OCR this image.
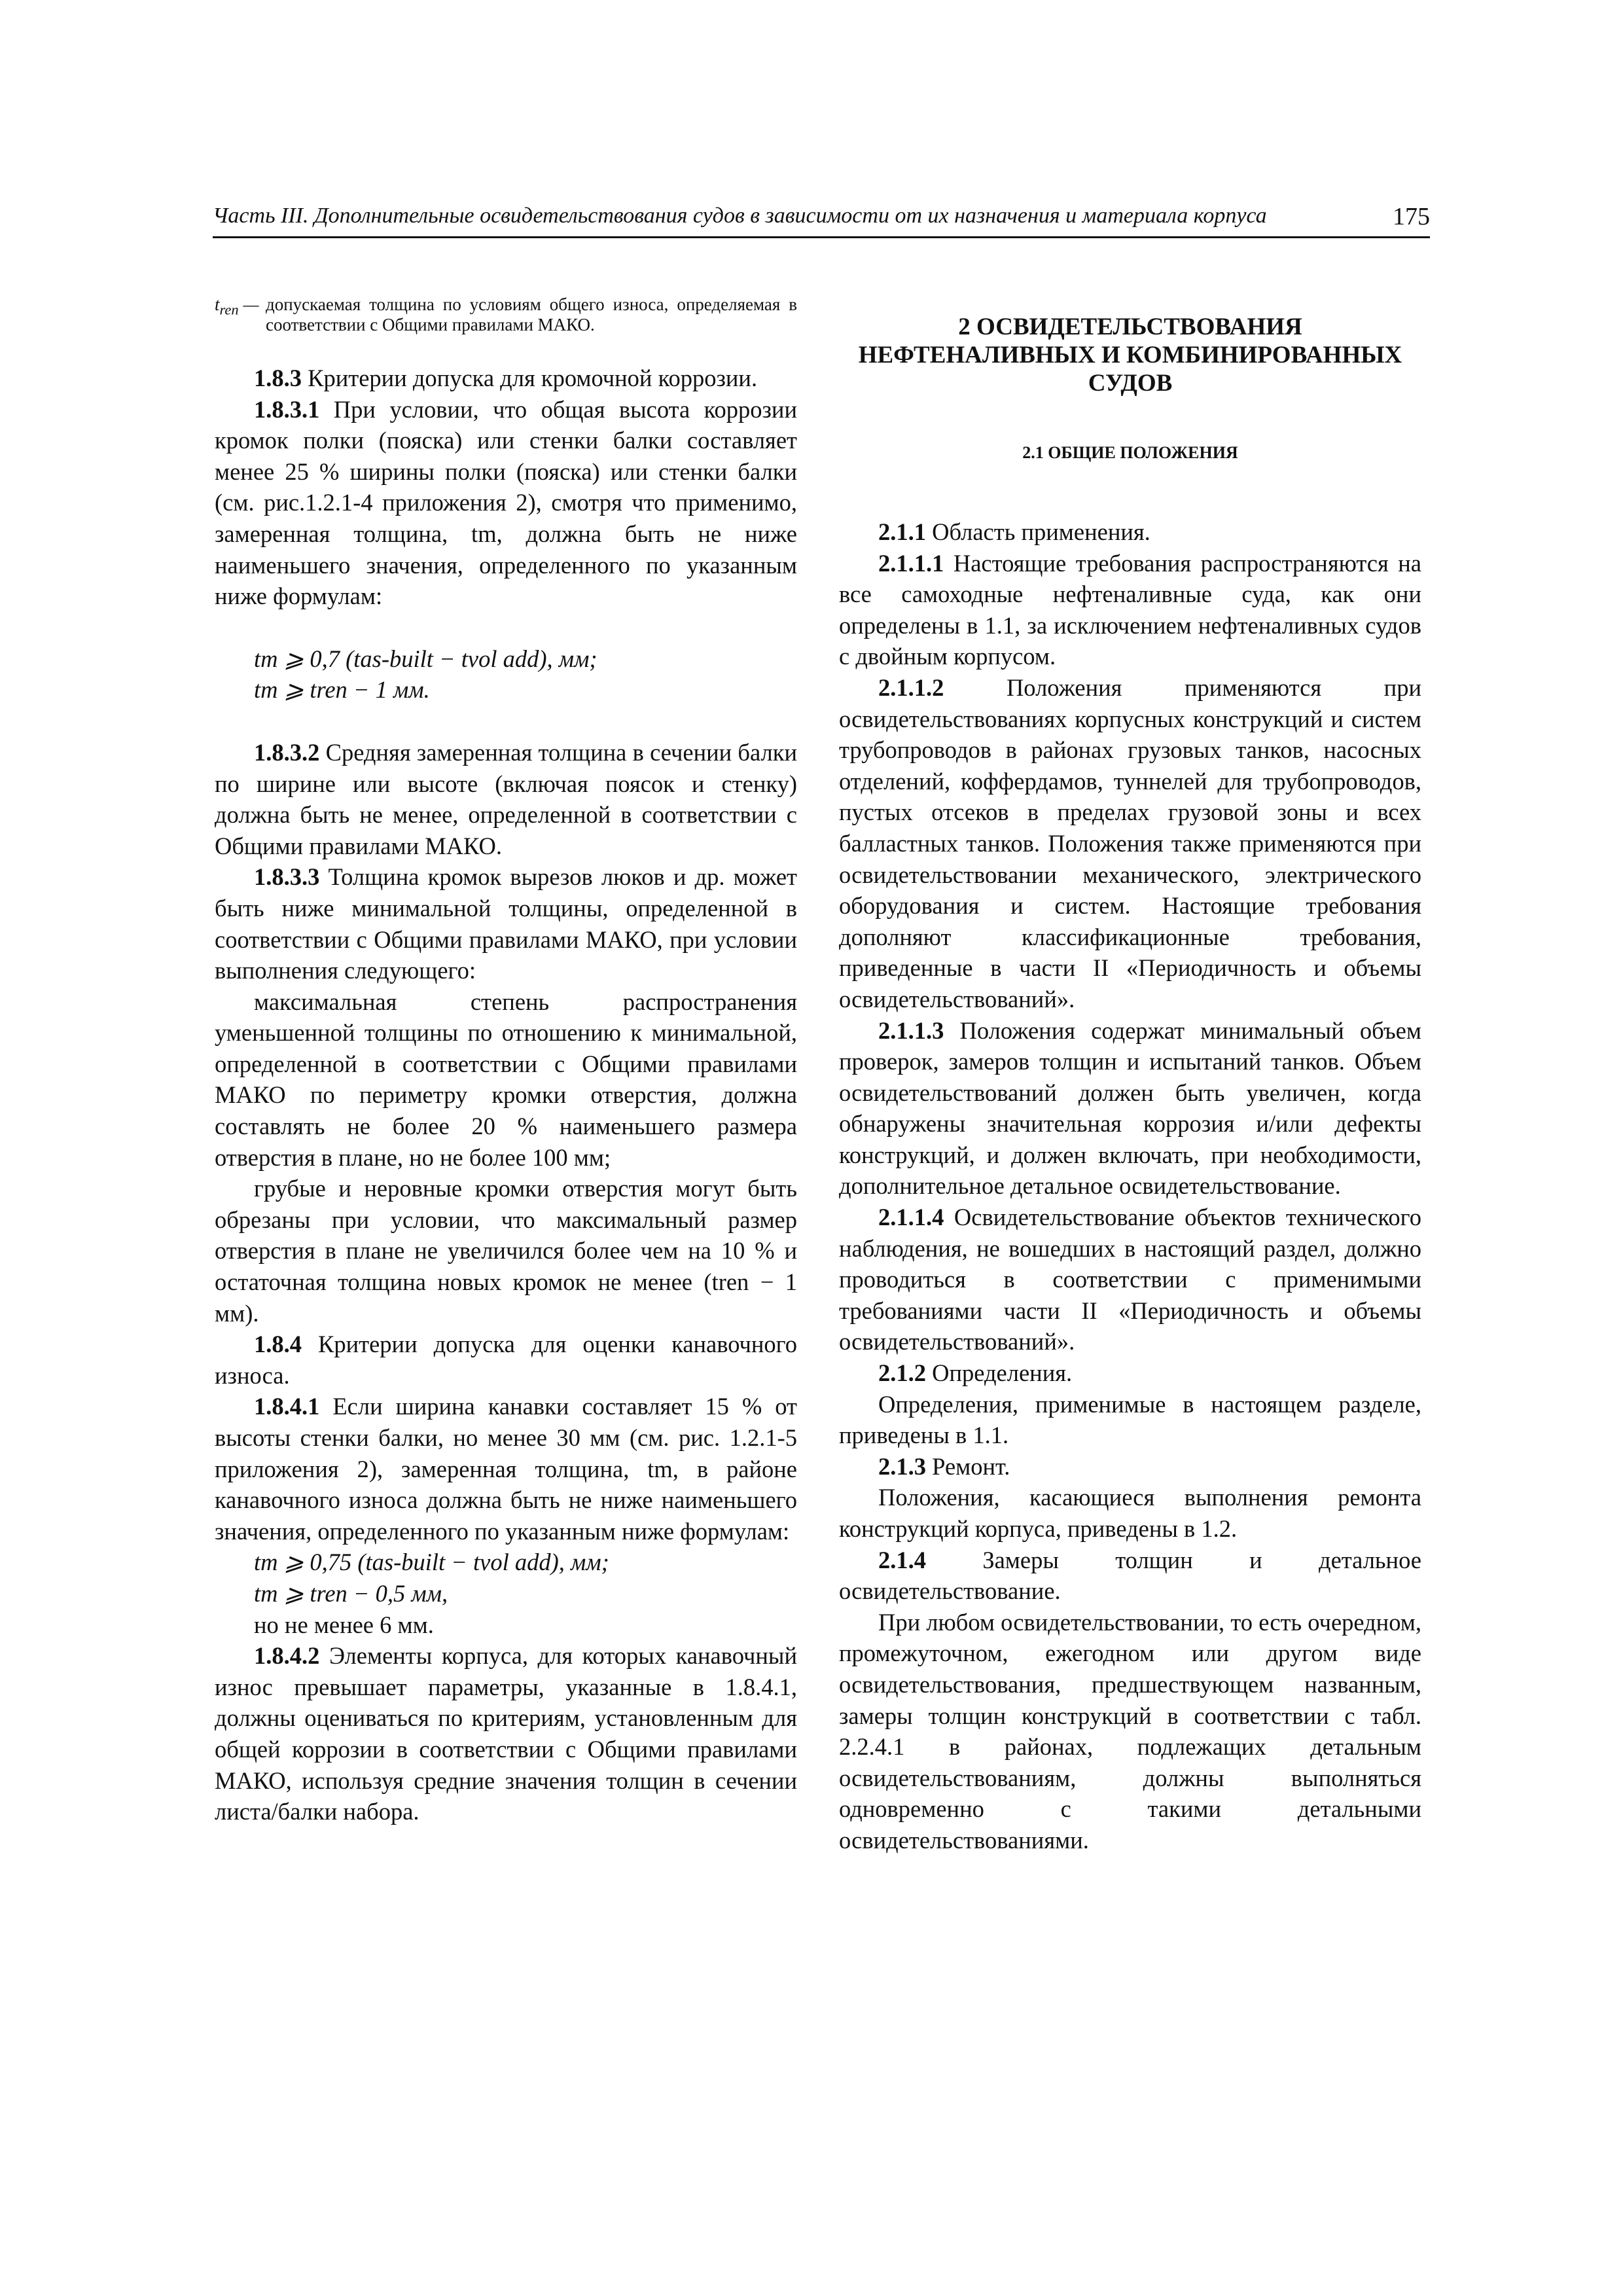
Часть III. Дополнительные освидетельствования судов в зависимости от их назначения и материала корпуса	175
$t_{ren}$ — допускаемая толщина по условиям общего износа, определяемая в соответствии с Общими правилами МАКО.

1.8.3 Критерии допуска для кромочной коррозии.

1.8.3.1 При условии, что общая высота коррозии кромок полки (пояска) или стенки балки составляет менее 25 % ширины полки (пояска) или стенки балки (см. рис.1.2.1-4 приложения 2), смотря что применимо, замеренная толщина, tm, должна быть не ниже наименьшего значения, определенного по указанным ниже формулам:

tm ⩾ 0,7 (tas-built − tvol add), мм;
tm ⩾ tren − 1 мм.

1.8.3.2 Средняя замеренная толщина в сечении балки по ширине или высоте (включая поясок и стенку) должна быть не менее, определенной в соответствии с Общими правилами МАКО.

1.8.3.3 Толщина кромок вырезов люков и др. может быть ниже минимальной толщины, определенной в соответствии с Общими правилами МАКО, при условии выполнения следующего:

максимальная степень распространения уменьшенной толщины по отношению к минимальной, определенной в соответствии с Общими правилами МАКО по периметру кромки отверстия, должна составлять не более 20 % наименьшего размера отверстия в плане, но не более 100 мм;

грубые и неровные кромки отверстия могут быть обрезаны при условии, что максимальный размер отверстия в плане не увеличился более чем на 10 % и остаточная толщина новых кромок не менее (tren − 1 мм).

1.8.4 Критерии допуска для оценки канавочного износа.

1.8.4.1 Если ширина канавки составляет 15 % от высоты стенки балки, но менее 30 мм (см. рис. 1.2.1-5 приложения 2), замеренная толщина, tm, в районе канавочного износа должна быть не ниже наименьшего значения, определенного по указанным ниже формулам:

tm ⩾ 0,75 (tas-built − tvol add), мм;
tm ⩾ tren − 0,5 мм,
но не менее 6 мм.

1.8.4.2 Элементы корпуса, для которых канавочный износ превышает параметры, указанные в 1.8.4.1, должны оцениваться по критериям, установленным для общей коррозии в соответствии с Общими правилами МАКО, используя средние значения толщин в сечении листа/балки набора.

2 ОСВИДЕТЕЛЬСТВОВАНИЯ НЕФТЕНАЛИВНЫХ И КОМБИНИРОВАННЫХ СУДОВ
2.1 ОБЩИЕ ПОЛОЖЕНИЯ

2.1.1 Область применения.

2.1.1.1 Настоящие требования распространяются на все самоходные нефтеналивные суда, как они определены в 1.1, за исключением нефтеналивных судов с двойным корпусом.

2.1.1.2 Положения применяются при освидетельствованиях корпусных конструкций и систем трубопроводов в районах грузовых танков, насосных отделений, коффердамов, туннелей для трубопроводов, пустых отсеков в пределах грузовой зоны и всех балластных танков. Положения также применяются при освидетельствовании механического, электрического оборудования и систем. Настоящие требования дополняют классификационные требования, приведенные в части II «Периодичность и объемы освидетельствований».

2.1.1.3 Положения содержат минимальный объем проверок, замеров толщин и испытаний танков. Объем освидетельствований должен быть увеличен, когда обнаружены значительная коррозия и/или дефекты конструкций, и должен включать, при необходимости, дополнительное детальное освидетельствование.

2.1.1.4 Освидетельствование объектов технического наблюдения, не вошедших в настоящий раздел, должно проводиться в соответствии с применимыми требованиями части II «Периодичность и объемы освидетельствований».

2.1.2 Определения.

Определения, применимые в настоящем разделе, приведены в 1.1.

2.1.3 Ремонт.

Положения, касающиеся выполнения ремонта конструкций корпуса, приведены в 1.2.

2.1.4 Замеры толщин и детальное освидетельствование.

При любом освидетельствовании, то есть очередном, промежуточном, ежегодном или другом виде освидетельствования, предшествующем названным, замеры толщин конструкций в соответствии с табл. 2.2.4.1 в районах, подлежащих детальным освидетельствованиям, должны выполняться одновременно с такими детальными освидетельствованиями.
